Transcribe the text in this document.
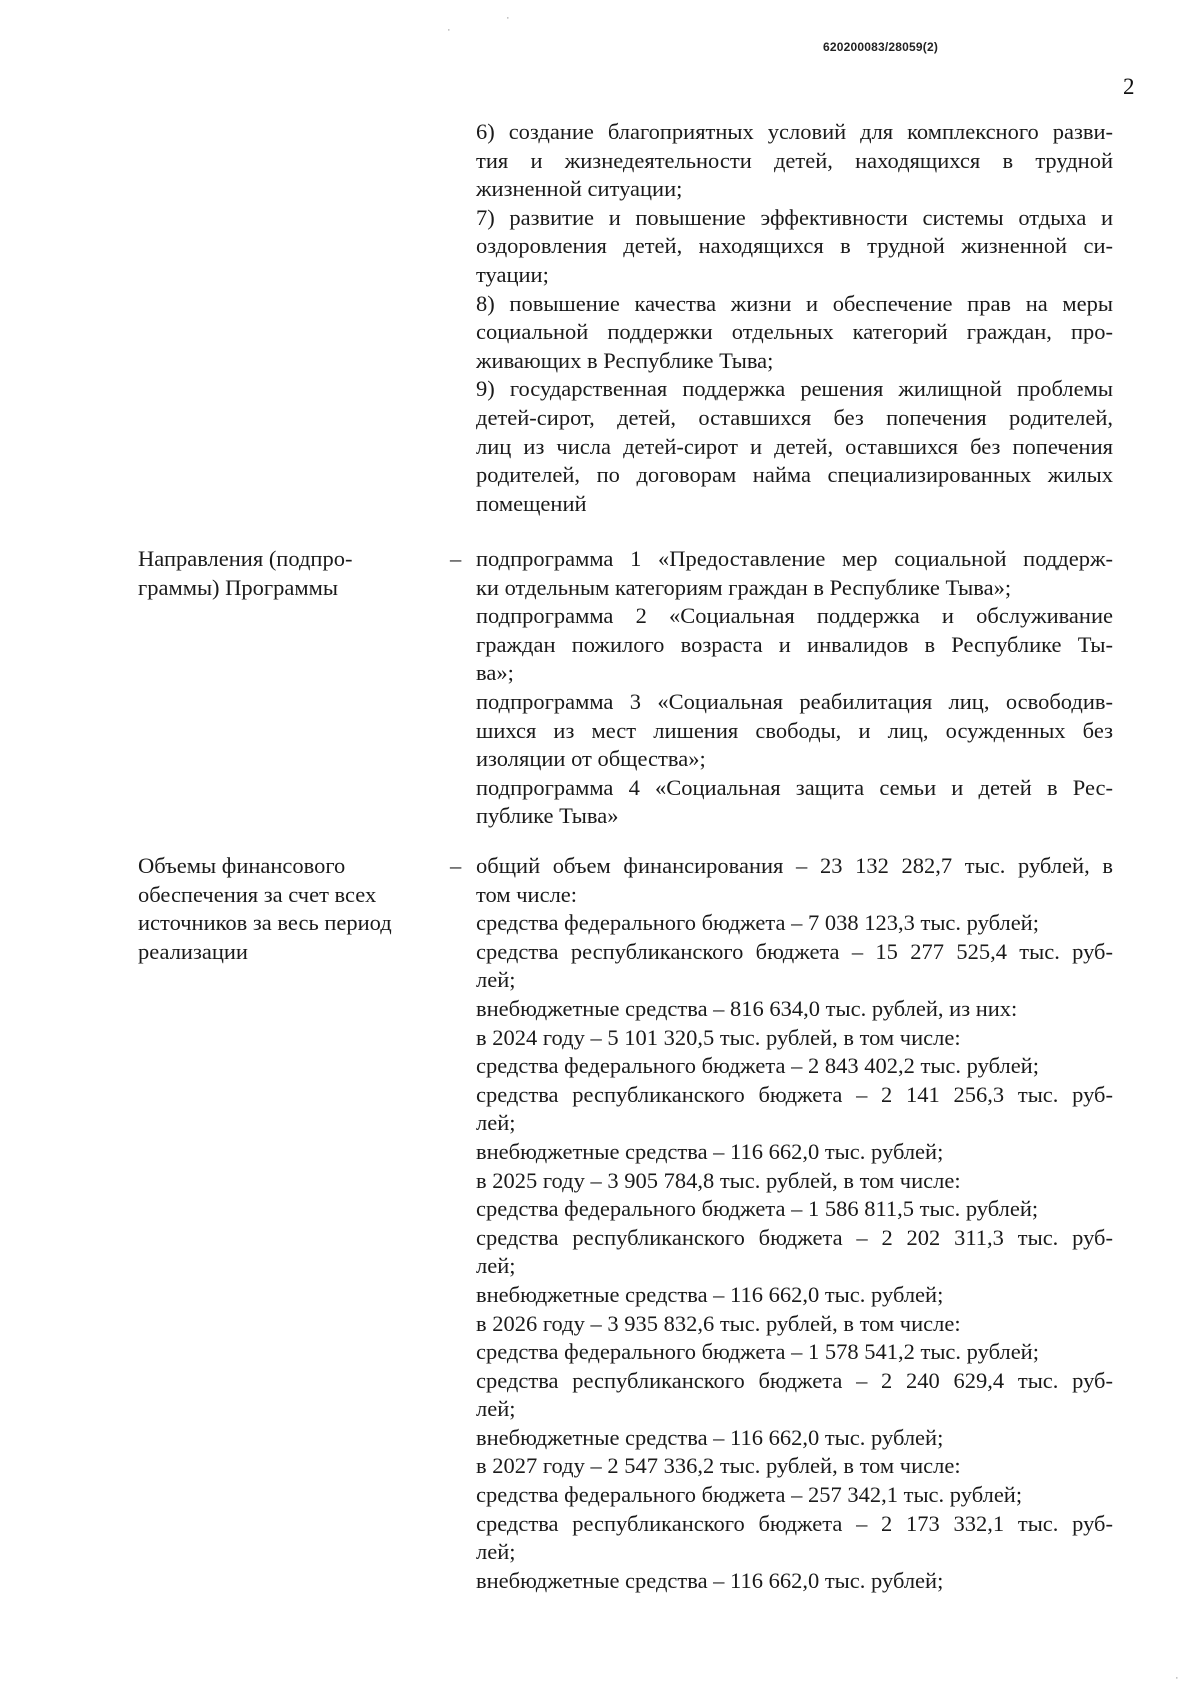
620200083/28059(2)
2
·
·
·
6) создание благоприятных условий для комплексного разви-
тия и жизнедеятельности детей, находящихся в трудной
жизненной ситуации;
7) развитие и повышение эффективности системы отдыха и
оздоровления детей, находящихся в трудной жизненной си-
туации;
8) повышение качества жизни и обеспечение прав на меры
социальной поддержки отдельных категорий граждан, про-
живающих в Республике Тыва;
9) государственная поддержка решения жилищной проблемы
детей-сирот, детей, оставшихся без попечения родителей,
лиц из числа детей-сирот и детей, оставшихся без попечения
родителей, по договорам найма специализированных жилых
помещений
Направления (подпро-
граммы) Программы
– подпрограмма 1 «Предоставление мер социальной поддерж-
ки отдельным категориям граждан в Республике Тыва»;
подпрограмма 2 «Социальная поддержка и обслуживание
граждан пожилого возраста и инвалидов в Республике Ты-
ва»;
подпрограмма 3 «Социальная реабилитация лиц, освободив-
шихся из мест лишения свободы, и лиц, осужденных без
изоляции от общества»;
подпрограмма 4 «Социальная защита семьи и детей в Рес-
публике Тыва»
Объемы финансового
обеспечения за счет всех
источников за весь период
реализации
– общий объем финансирования – 23 132 282,7 тыс. рублей, в
том числе:
средства федерального бюджета – 7 038 123,3 тыс. рублей;
средства республиканского бюджета – 15 277 525,4 тыс. руб-
лей;
внебюджетные средства – 816 634,0 тыс. рублей, из них:
в 2024 году – 5 101 320,5 тыс. рублей, в том числе:
средства федерального бюджета – 2 843 402,2 тыс. рублей;
средства республиканского бюджета – 2 141 256,3 тыс. руб-
лей;
внебюджетные средства – 116 662,0 тыс. рублей;
в 2025 году – 3 905 784,8 тыс. рублей, в том числе:
средства федерального бюджета – 1 586 811,5 тыс. рублей;
средства республиканского бюджета – 2 202 311,3 тыс. руб-
лей;
внебюджетные средства – 116 662,0 тыс. рублей;
в 2026 году – 3 935 832,6 тыс. рублей, в том числе:
средства федерального бюджета – 1 578 541,2 тыс. рублей;
средства республиканского бюджета – 2 240 629,4 тыс. руб-
лей;
внебюджетные средства – 116 662,0 тыс. рублей;
в 2027 году – 2 547 336,2 тыс. рублей, в том числе:
средства федерального бюджета – 257 342,1 тыс. рублей;
средства республиканского бюджета – 2 173 332,1 тыс. руб-
лей;
внебюджетные средства – 116 662,0 тыс. рублей;
